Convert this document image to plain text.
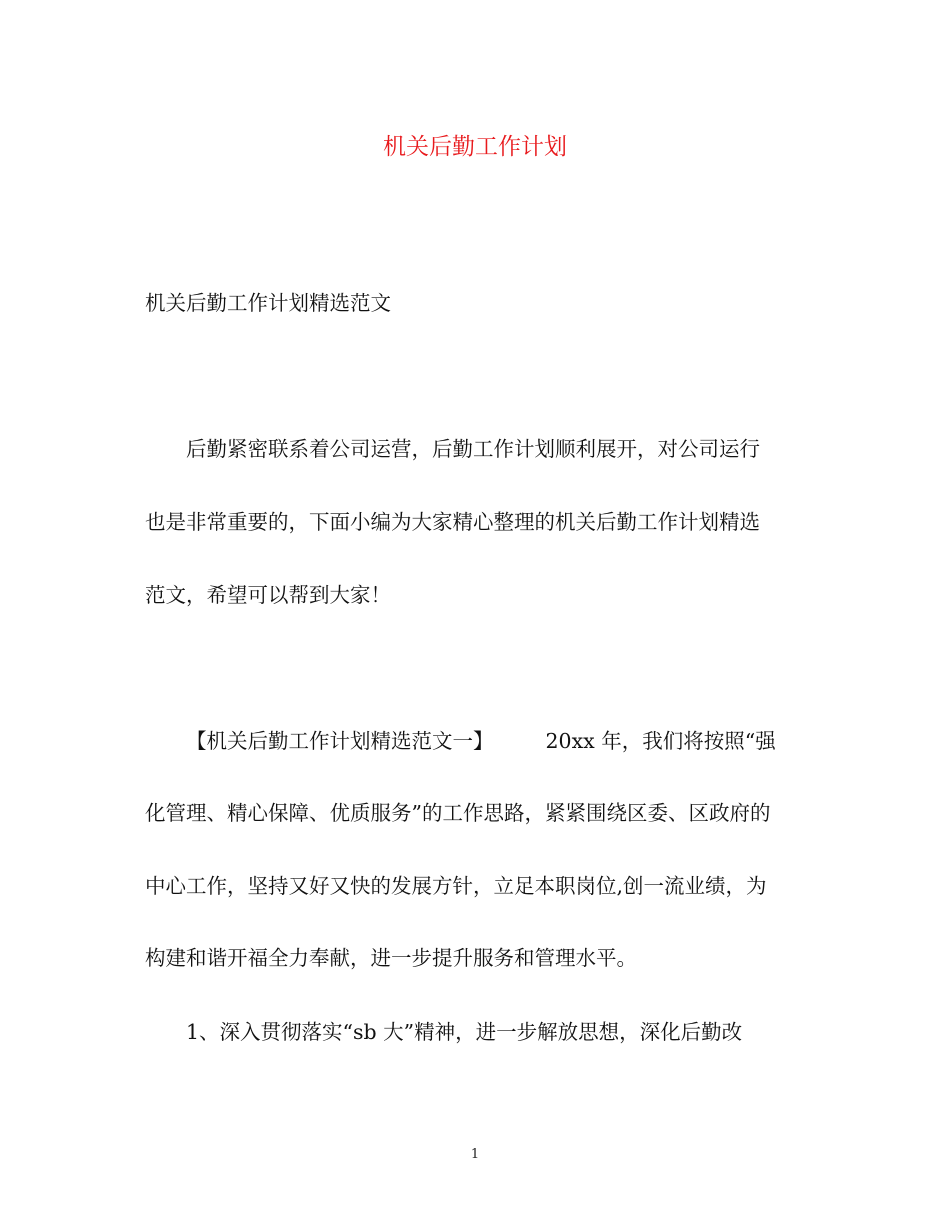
机关后勤工作计划
机关后勤工作计划精选范文
后勤紧密联系着公司运营，后勤工作计划顺利展开，对公司运行
也是非常重要的，下面小编为大家精心整理的机关后勤工作计划精选
范文，希望可以帮到大家！
【机关后勤工作计划精选范文一】	20xx 年，我们将按照“强
化管理、精心保障、优质服务”的工作思路，紧紧围绕区委、区政府的
中心工作，坚持又好又快的发展方针，立足本职岗位,创一流业绩，为
构建和谐开福全力奉献，进一步提升服务和管理水平。
1、深入贯彻落实“sb 大”精神，进一步解放思想，深化后勤改
1
